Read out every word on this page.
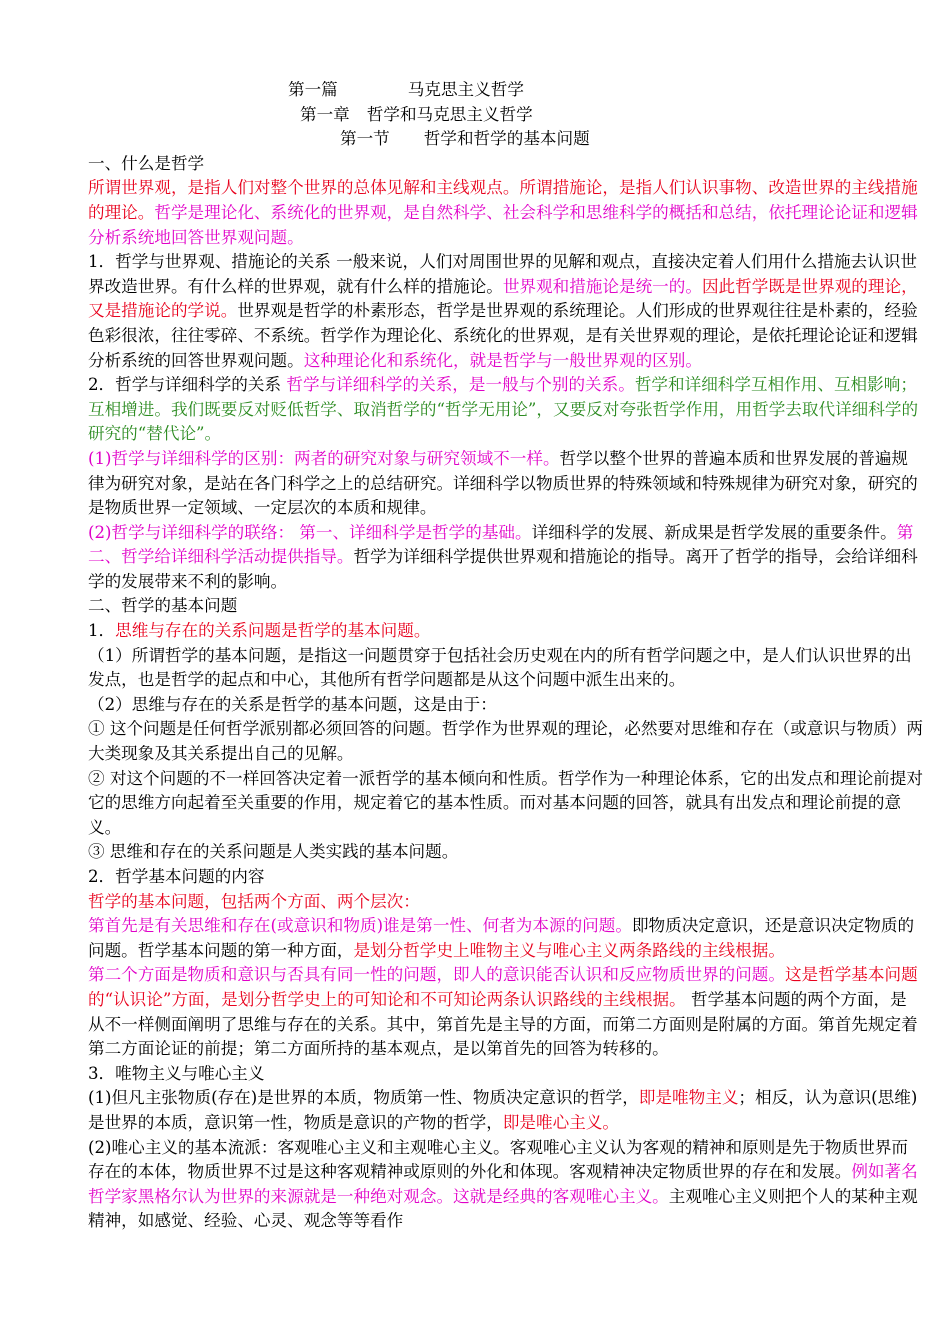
第一篇	马克思主义哲学
第一章 哲学和马克思主义哲学
第一节 哲学和哲学的基本问题

一、什么是哲学

所谓世界观，是指人们对整个世界的总体见解和主线观点。所谓措施论，是指人们认识事物、改造世界的主线措施的理论。哲学是理论化、系统化的世界观，是自然科学、社会科学和思维科学的概括和总结，依托理论论证和逻辑分析系统地回答世界观问题。

1．哲学与世界观、措施论的关系 一般来说，人们对周围世界的见解和观点，直接决定着人们用什么措施去认识世界改造世界。有什么样的世界观，就有什么样的措施论。世界观和措施论是统一的。因此哲学既是世界观的理论，又是措施论的学说。世界观是哲学的朴素形态，哲学是世界观的系统理论。人们形成的世界观往往是朴素的，经验色彩很浓，往往零碎、不系统。哲学作为理论化、系统化的世界观，是有关世界观的理论，是依托理论论证和逻辑分析系统的回答世界观问题。这种理论化和系统化，就是哲学与一般世界观的区别。

2．哲学与详细科学的关系 哲学与详细科学的关系，是一般与个别的关系。哲学和详细科学互相作用、互相影响；互相增进。我们既要反对贬低哲学、取消哲学的“哲学无用论”，又要反对夸张哲学作用，用哲学去取代详细科学的研究的“替代论”。

(1)哲学与详细科学的区别：两者的研究对象与研究领域不一样。哲学以整个世界的普遍本质和世界发展的普遍规律为研究对象，是站在各门科学之上的总结研究。详细科学以物质世界的特殊领域和特殊规律为研究对象，研究的是物质世界一定领域、一定层次的本质和规律。

(2)哲学与详细科学的联络： 第一、详细科学是哲学的基础。详细科学的发展、新成果是哲学发展的重要条件。第二、哲学给详细科学活动提供指导。哲学为详细科学提供世界观和措施论的指导。离开了哲学的指导，会给详细科学的发展带来不利的影响。

二、哲学的基本问题

1．思维与存在的关系问题是哲学的基本问题。

（1）所谓哲学的基本问题，是指这一问题贯穿于包括社会历史观在内的所有哲学问题之中，是人们认识世界的出发点，也是哲学的起点和中心，其他所有哲学问题都是从这个问题中派生出来的。

（2）思维与存在的关系是哲学的基本问题，这是由于：

① 这个问题是任何哲学派别都必须回答的问题。哲学作为世界观的理论，必然要对思维和存在（或意识与物质）两大类现象及其关系提出自己的见解。

② 对这个问题的不一样回答决定着一派哲学的基本倾向和性质。哲学作为一种理论体系，它的出发点和理论前提对它的思维方向起着至关重要的作用，规定着它的基本性质。而对基本问题的回答，就具有出发点和理论前提的意义。

③ 思维和存在的关系问题是人类实践的基本问题。

2．哲学基本问题的内容

哲学的基本问题，包括两个方面、两个层次：

第首先是有关思维和存在(或意识和物质)谁是第一性、何者为本源的问题。即物质决定意识，还是意识决定物质的问题。哲学基本问题的第一种方面，是划分哲学史上唯物主义与唯心主义两条路线的主线根据。

第二个方面是物质和意识与否具有同一性的问题，即人的意识能否认识和反应物质世界的问题。这是哲学基本问题的“认识论”方面，是划分哲学史上的可知论和不可知论两条认识路线的主线根据。 哲学基本问题的两个方面，是从不一样侧面阐明了思维与存在的关系。其中，第首先是主导的方面，而第二方面则是附属的方面。第首先规定着第二方面论证的前提；第二方面所持的基本观点，是以第首先的回答为转移的。

3．唯物主义与唯心主义

(1)但凡主张物质(存在)是世界的本质，物质第一性、物质决定意识的哲学，即是唯物主义；相反，认为意识(思维)是世界的本质，意识第一性，物质是意识的产物的哲学，即是唯心主义。

(2)唯心主义的基本流派：客观唯心主义和主观唯心主义。客观唯心主义认为客观的精神和原则是先于物质世界而存在的本体，物质世界不过是这种客观精神或原则的外化和体现。客观精神决定物质世界的存在和发展。例如著名哲学家黑格尔认为世界的来源就是一种绝对观念。这就是经典的客观唯心主义。主观唯心主义则把个人的某种主观精神，如感觉、经验、心灵、观念等等看作
